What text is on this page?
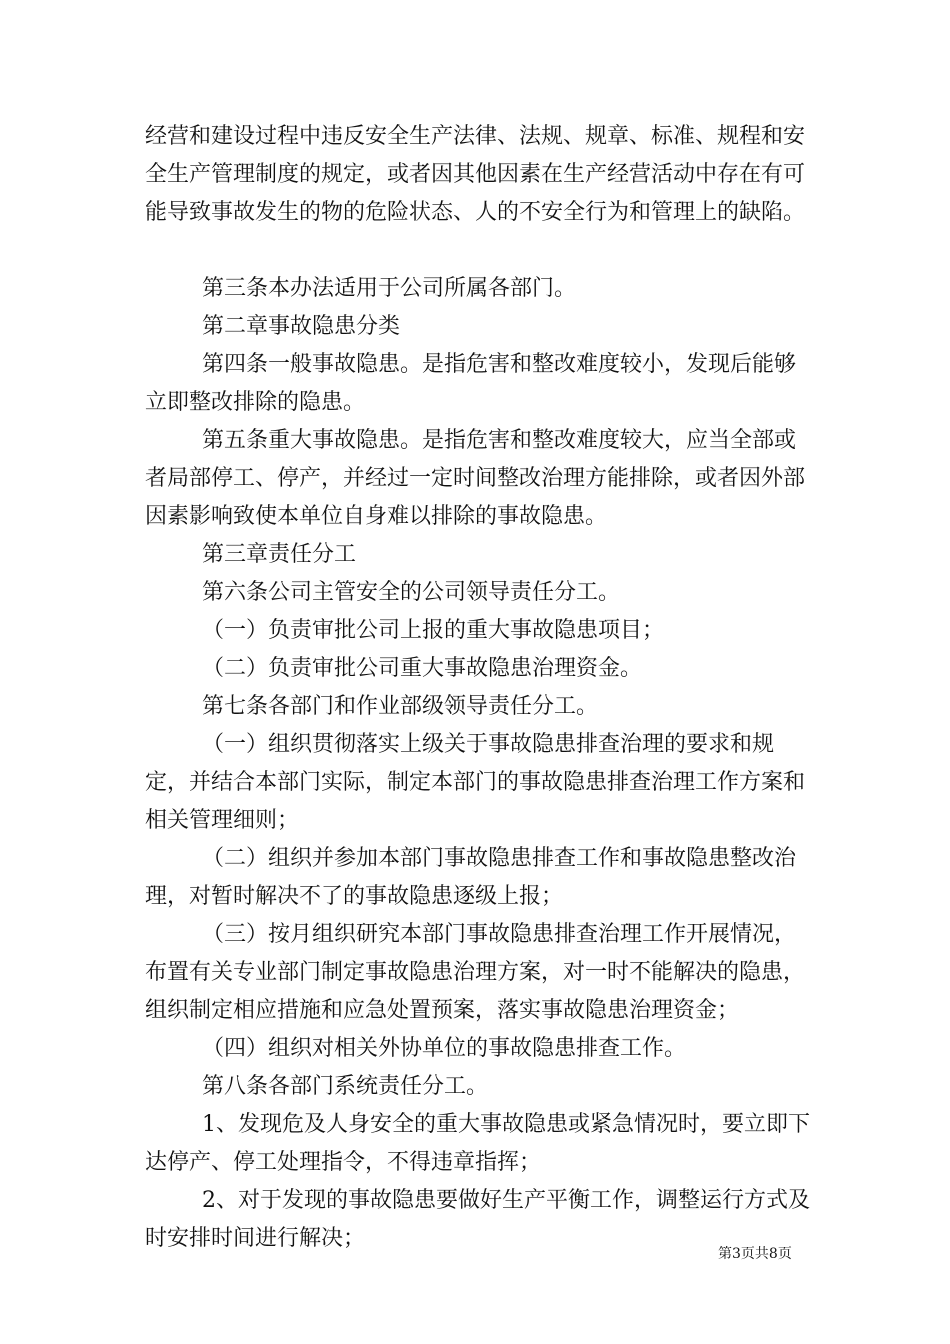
经营和建设过程中违反安全生产法律、法规、规章、标准、规程和安全生产管理制度的规定，或者因其他因素在生产经营活动中存在有可能导致事故发生的物的危险状态、人的不安全行为和管理上的缺陷。

第三条本办法适用于公司所属各部门。

第二章事故隐患分类

第四条一般事故隐患。是指危害和整改难度较小，发现后能够立即整改排除的隐患。

第五条重大事故隐患。是指危害和整改难度较大，应当全部或者局部停工、停产，并经过一定时间整改治理方能排除，或者因外部因素影响致使本单位自身难以排除的事故隐患。

第三章责任分工

第六条公司主管安全的公司领导责任分工。

（一）负责审批公司上报的重大事故隐患项目；

（二）负责审批公司重大事故隐患治理资金。

第七条各部门和作业部级领导责任分工。

（一）组织贯彻落实上级关于事故隐患排查治理的要求和规定，并结合本部门实际，制定本部门的事故隐患排查治理工作方案和相关管理细则；

（二）组织并参加本部门事故隐患排查工作和事故隐患整改治理，对暂时解决不了的事故隐患逐级上报；

（三）按月组织研究本部门事故隐患排查治理工作开展情况，布置有关专业部门制定事故隐患治理方案，对一时不能解决的隐患，组织制定相应措施和应急处置预案，落实事故隐患治理资金；

（四）组织对相关外协单位的事故隐患排查工作。

第八条各部门系统责任分工。

1、发现危及人身安全的重大事故隐患或紧急情况时，要立即下达停产、停工处理指令，不得违章指挥；

2、对于发现的事故隐患要做好生产平衡工作，调整运行方式及时安排时间进行解决；

第3页共8页
